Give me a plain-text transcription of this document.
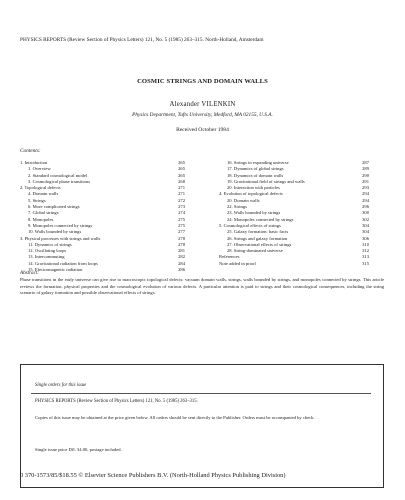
PHYSICS REPORTS (Review Section of Physics Letters) 121, No. 5 (1985) 263–315. North-Holland, Amsterdam
COSMIC STRINGS AND DOMAIN WALLS
Alexander VILENKIN
Physics Department, Tufts University, Medford, MA 02155, U.S.A.
Received October 1984
Contents:
1. Introduction	265
1. Overview	265
2. Standard cosmological model	265
3. Cosmological phase transitions	268
2. Topological defects	271
4. Domain walls	271
5. Strings	272
6. More complicated strings	273
7. Global strings	274
8. Monopoles	275
9. Monopoles connected by strings	275
10. Walls bounded by strings	277
3. Physical processes with strings and walls	278
11. Dynamics of strings	278
12. Oscillating loops	281
13. Intercommuting	282
14. Gravitational radiation from loops	284
15. Electromagnetic radiation	286
16. Strings in expanding universe	287
17. Dynamics of global strings	289
18. Dynamics of domain walls	290
19. Gravitational field of strings and walls	291
20. Interaction with particles	293
4. Evolution of topological defects	294
20. Domain walls	294
22. Strings	296
23. Walls bounded by strings	300
24. Monopoles connected by strings	302
5. Cosmological effects of strings	304
25. Galaxy formation: basic facts	304
26. Strings and galaxy formation	306
27. Observational effects of strings	310
28. String-dominated universe	312
References	313
Note added in proof	315
Abstract:
Phase transitions in the early universe can give rise to macroscopic topological defects: vacuum domain walls, strings, walls bounded by strings, and monopoles connected by strings. This article reviews the formation, physical properties and the cosmological evolution of various defects. A particular attention is paid to strings and their cosmological consequences, including the string scenario of galaxy formation and possible observational effects of strings.
Single orders for this issue
PHYSICS REPORTS (Review Section of Physics Letters) 121, No. 5 (1985) 263–315.
Copies of this issue may be obtained at the price given below. All orders should be sent directly to the Publisher. Orders must be accompanied by check.
Single issue price Dfl. 34.00, postage included.
0 370-1573/85/$18.55 © Elsevier Science Publishers B.V. (North-Holland Physics Publishing Division)
